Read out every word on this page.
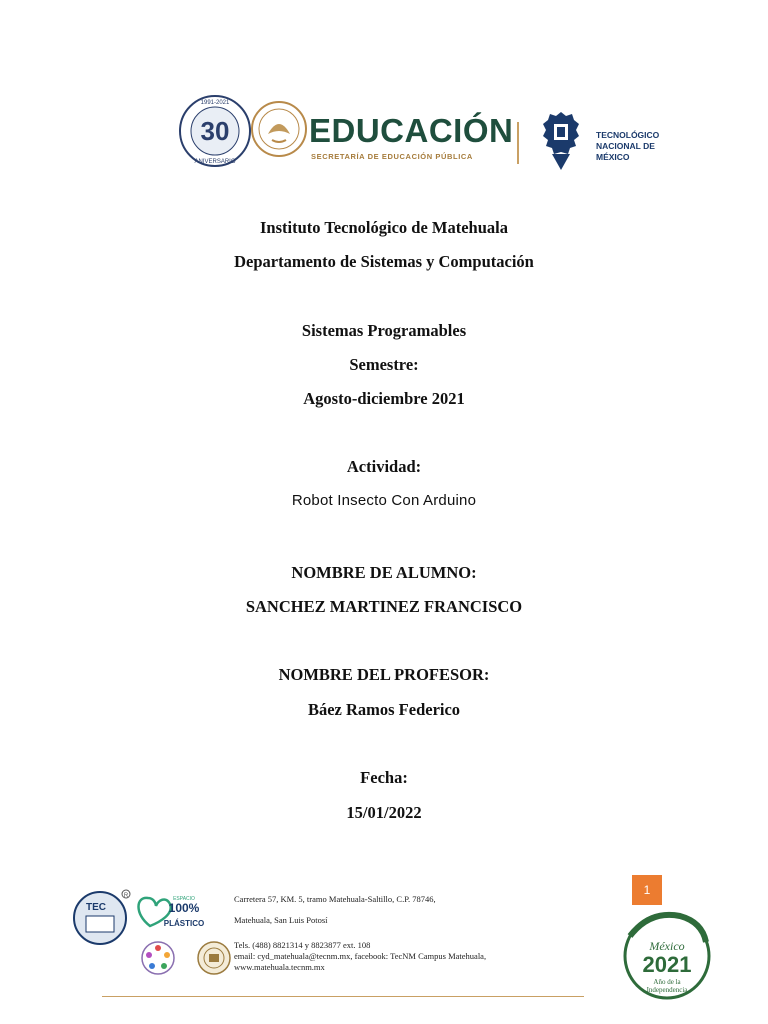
30
1991-2021
ANIVERSARIO
EDUCACIÓN
SECRETARÍA DE EDUCACIÓN PÚBLICA
TECNOLÓGICO
NACIONAL DE MÉXICO
Instituto Tecnológico de Matehuala
Departamento de Sistemas y Computación
Sistemas Programables
Semestre:
Agosto-diciembre 2021
Actividad:
Robot Insecto Con Arduino
NOMBRE DE ALUMNO:
SANCHEZ MARTINEZ FRANCISCO
NOMBRE DEL PROFESOR:
Báez Ramos Federico
Fecha:
15/01/2022
TEC
R	ESPACIO
100%
PLÁSTICO
Carretera 57, KM. 5, tramo Matehuala-Saltillo, C.P. 78746,
Matehuala, San Luis Potosí
Tels. (488) 8821314 y 8823877 ext. 108
email: cyd_matehuala@tecnm.mx, facebook: TecNM Campus Matehuala,
www.matehuala.tecnm.mx
1
México
2021
Año de la
Independencia
